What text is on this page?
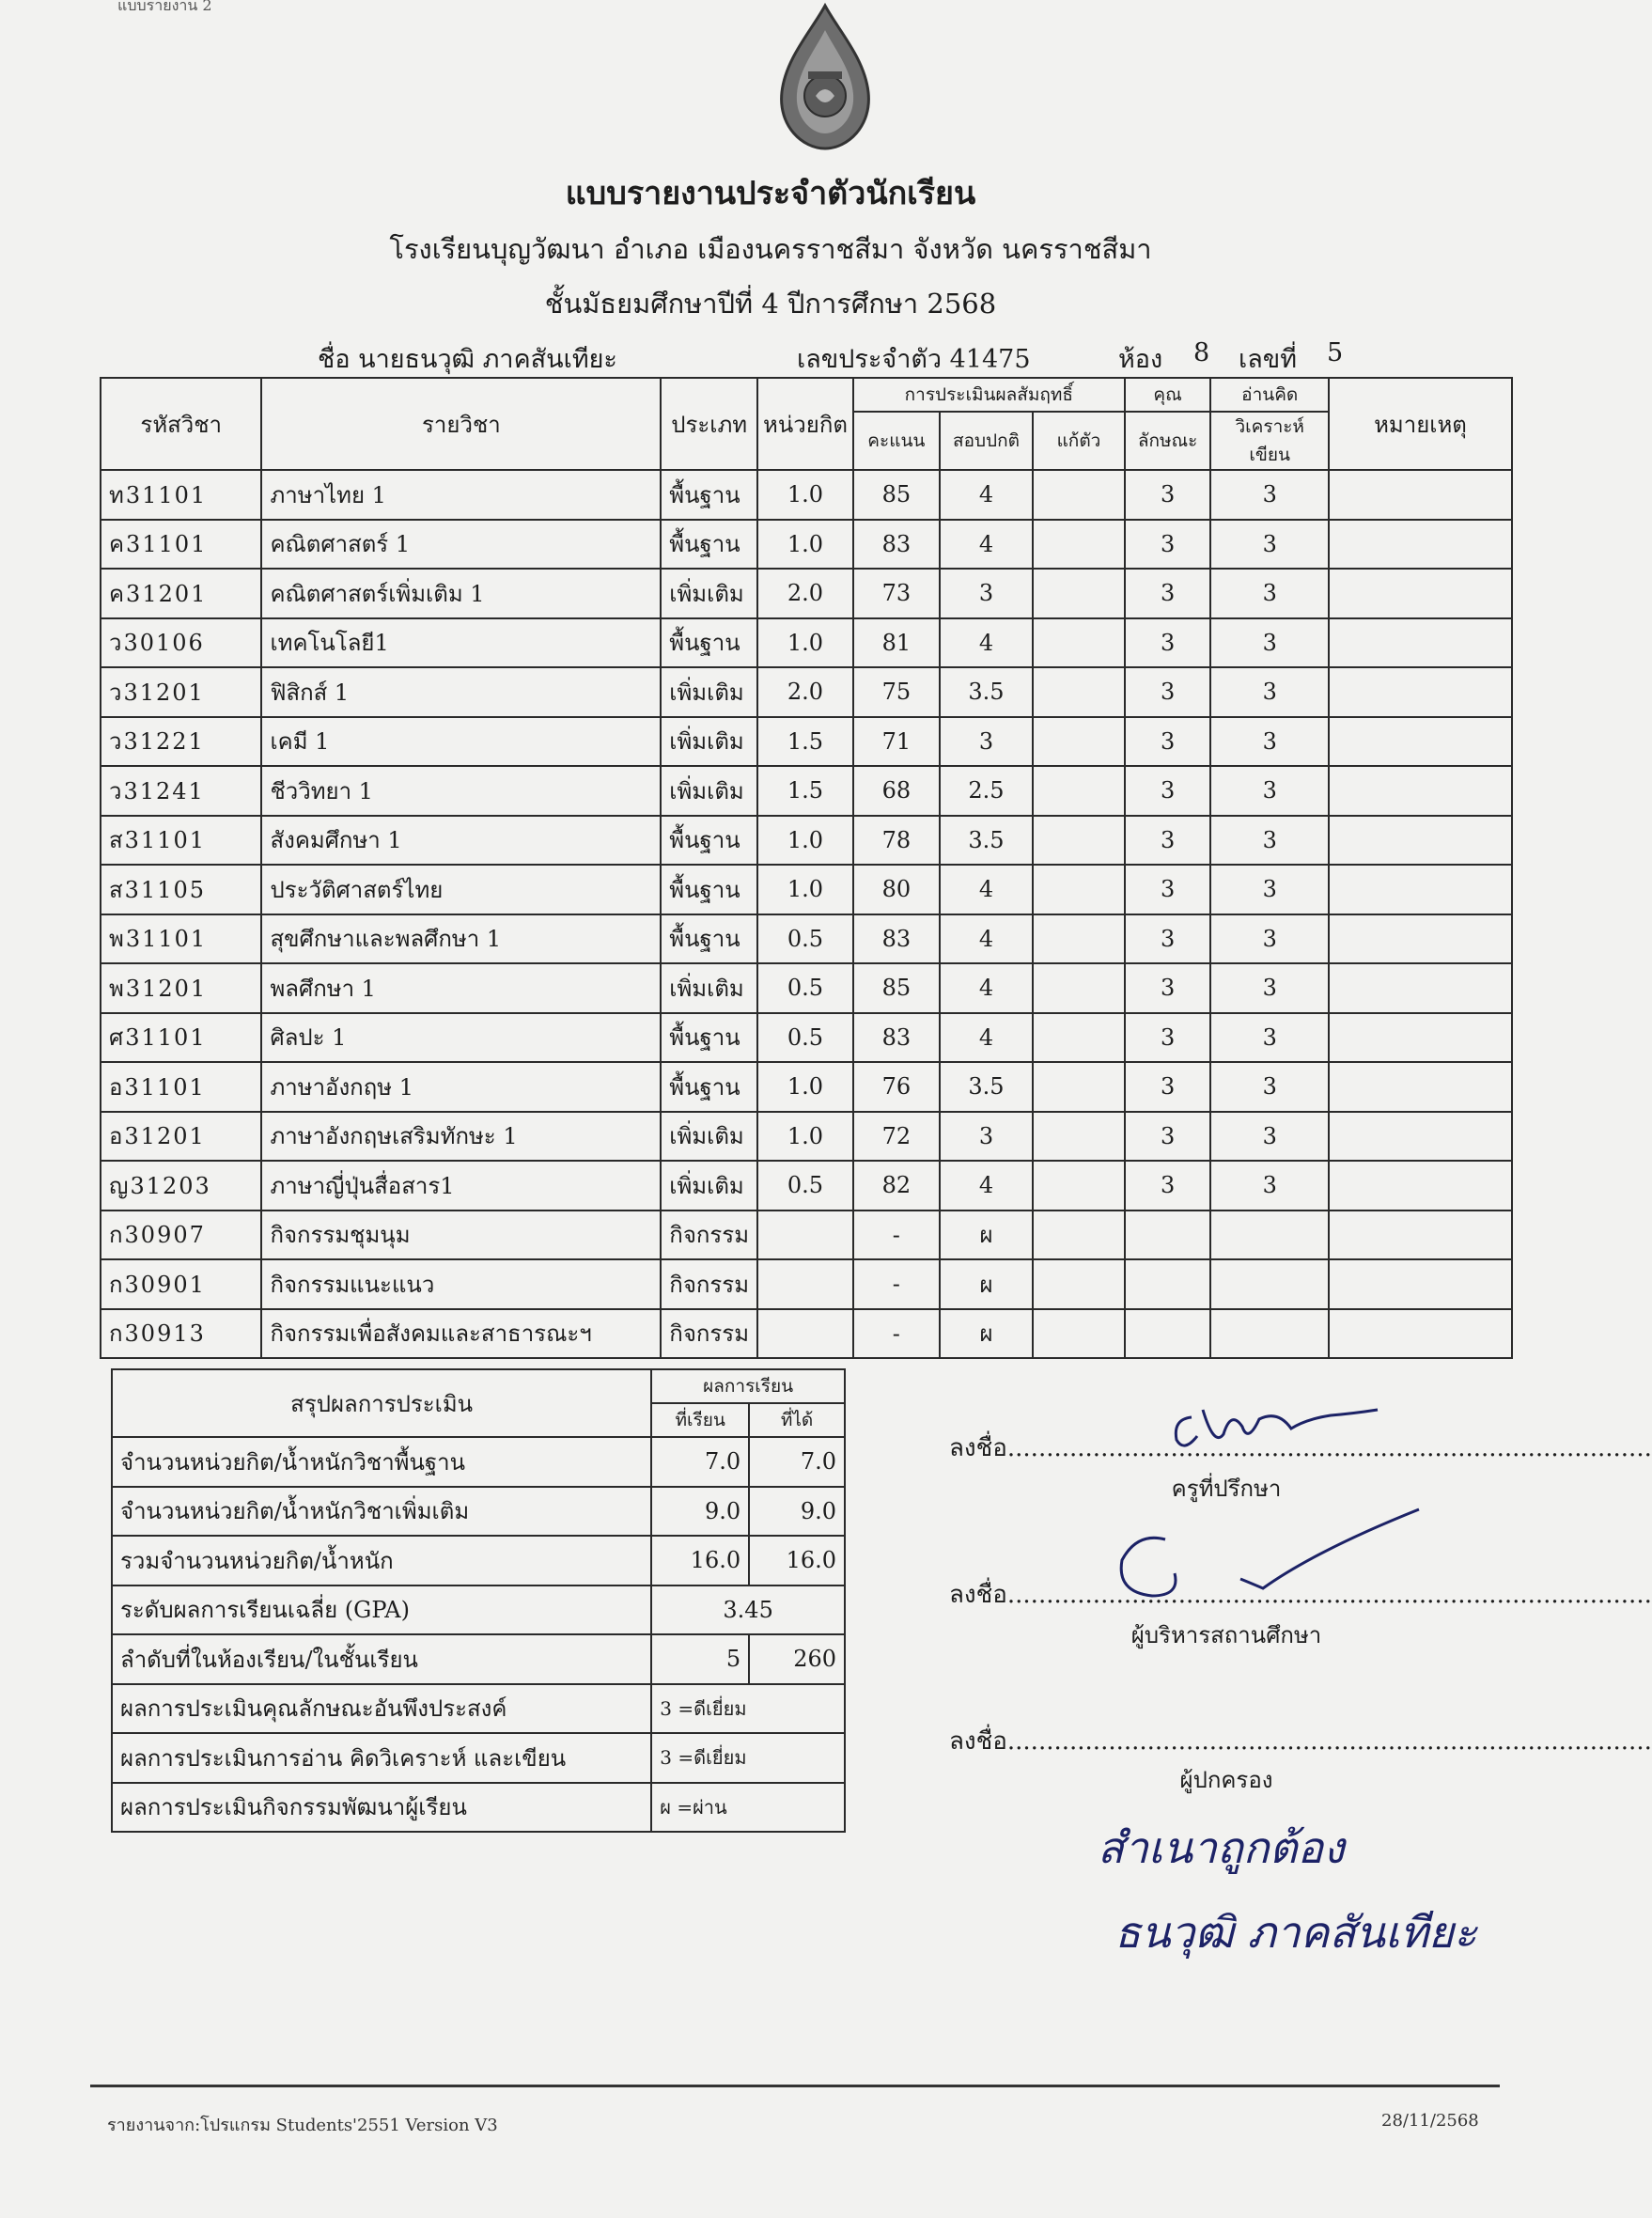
แบบรายงาน 2
แบบรายงานประจำตัวนักเรียน
โรงเรียนบุญวัฒนา อำเภอ เมืองนครราชสีมา จังหวัด นครราชสีมา
ชั้นมัธยมศึกษาปีที่ 4 ปีการศึกษา 2568
ชื่อ นายธนวุฒิ ภาคสันเทียะ	เลขประจำตัว 41475	ห้อง 8 เลขที่ 5
รหัสวิชา	รายวิชา	ประเภท	หน่วยกิต	การประเมินผลสัมฤทธิ์			คุณ	อ่านคิด	หมายเหตุ
				คะแนน	สอบปกติ	แก้ตัว	ลักษณะ	วิเคราะห์เขียน	
ท31101	ภาษาไทย 1	พื้นฐาน	1.0	85	4		3	3	
ค31101	คณิตศาสตร์ 1	พื้นฐาน	1.0	83	4		3	3	
ค31201	คณิตศาสตร์เพิ่มเติม 1	เพิ่มเติม	2.0	73	3		3	3	
ว30106	เทคโนโลยี1	พื้นฐาน	1.0	81	4		3	3	
ว31201	ฟิสิกส์ 1	เพิ่มเติม	2.0	75	3.5		3	3	
ว31221	เคมี 1	เพิ่มเติม	1.5	71	3		3	3	
ว31241	ชีววิทยา 1	เพิ่มเติม	1.5	68	2.5		3	3	
ส31101	สังคมศึกษา 1	พื้นฐาน	1.0	78	3.5		3	3	
ส31105	ประวัติศาสตร์ไทย	พื้นฐาน	1.0	80	4		3	3	
พ31101	สุขศึกษาและพลศึกษา 1	พื้นฐาน	0.5	83	4		3	3	
พ31201	พลศึกษา 1	เพิ่มเติม	0.5	85	4		3	3	
ศ31101	ศิลปะ 1	พื้นฐาน	0.5	83	4		3	3	
อ31101	ภาษาอังกฤษ 1	พื้นฐาน	1.0	76	3.5		3	3	
อ31201	ภาษาอังกฤษเสริมทักษะ 1	เพิ่มเติม	1.0	72	3		3	3	
ญ31203	ภาษาญี่ปุ่นสื่อสาร1	เพิ่มเติม	0.5	82	4		3	3	
ก30907	กิจกรรมชุมนุม	กิจกรรม		-	ผ				
ก30901	กิจกรรมแนะแนว	กิจกรรม		-	ผ				
ก30913	กิจกรรมเพื่อสังคมและสาธารณะฯ	กิจกรรม		-	ผ				
สรุปผลการประเมิน	ผลการเรียน	
	ที่เรียน	ที่ได้
จำนวนหน่วยกิต/น้ำหนักวิชาพื้นฐาน	7.0	7.0
จำนวนหน่วยกิต/น้ำหนักวิชาเพิ่มเติม	9.0	9.0
รวมจำนวนหน่วยกิต/น้ำหนัก	16.0	16.0
ระดับผลการเรียนเฉลี่ย (GPA)	3.45	
ลำดับที่ในห้องเรียน/ในชั้นเรียน	5	260
ผลการประเมินคุณลักษณะอันพึงประสงค์	3 =ดีเยี่ยม	
ผลการประเมินการอ่าน คิดวิเคราะห์ และเขียน	3 =ดีเยี่ยม	
ผลการประเมินกิจกรรมพัฒนาผู้เรียน	ผ =ผ่าน	
ลงชื่อ...................................................................................
ครูที่ปรึกษา
ลงชื่อ...................................................................................
ผู้บริหารสถานศึกษา
ลงชื่อ...................................................................................
ผู้ปกครอง
สำเนาถูกต้อง
ธนวุฒิ ภาคสันเทียะ
รายงานจาก:โปรแกรม Students'2551 Version V3	28/11/2568
